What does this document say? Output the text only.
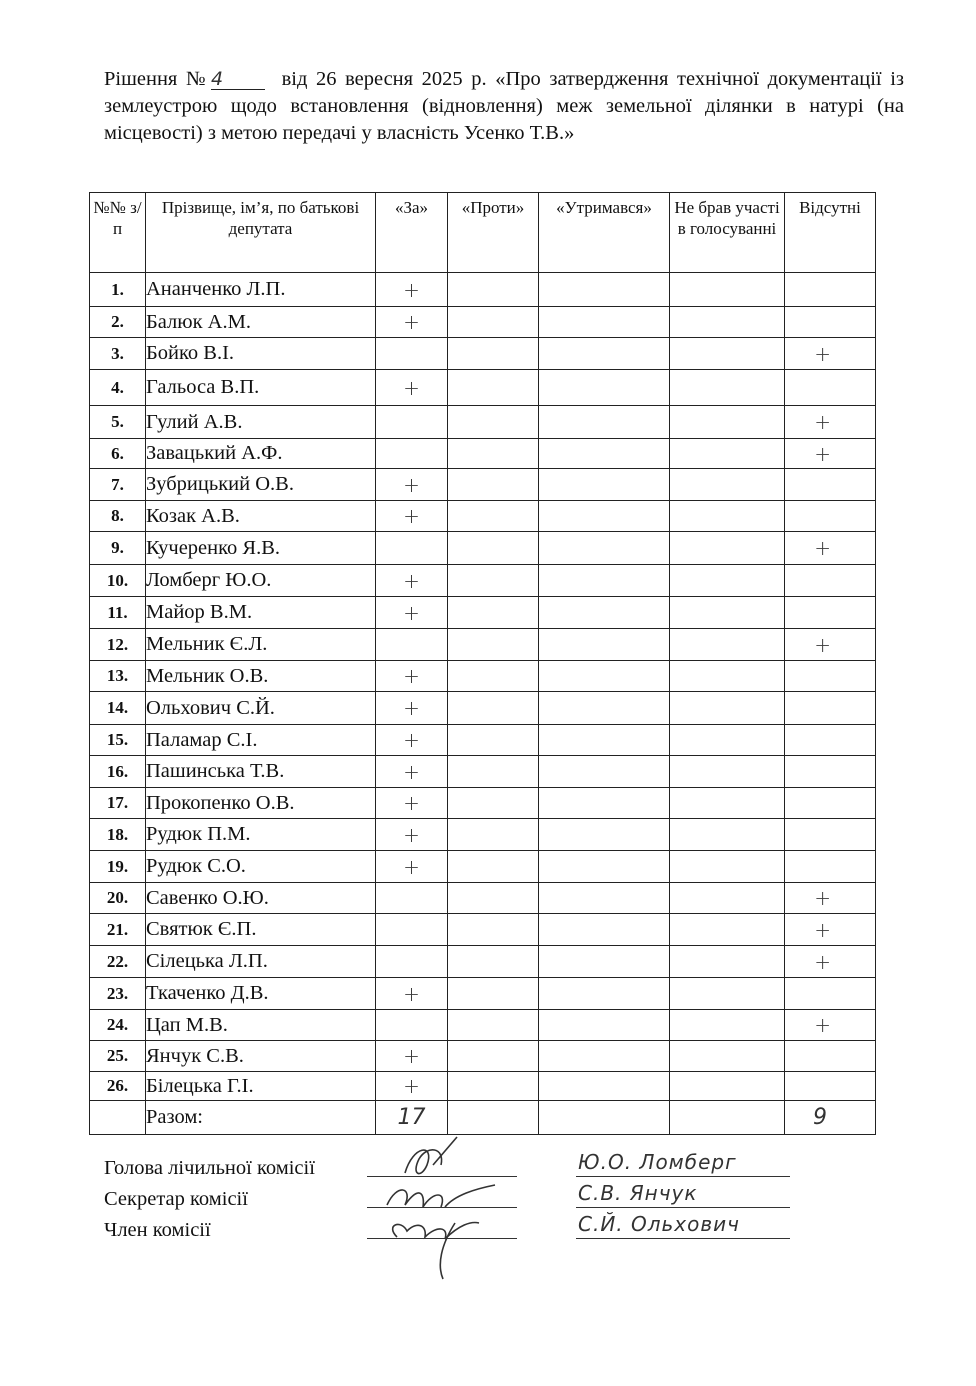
Рішення № 4	від 26 вересня 2025 р. «Про затвердження технічної документації із землеустрою щодо встановлення (відновлення) меж земельної ділянки в натурі (на місцевості) з метою передачі у власність Усенко Т.В.»
№№ з/п	Прізвище, ім’я, по батькові депутата	«За»	«Проти»	«Утримався»	Не брав участі в голосуванні	Відсутні
1.	Ананченко Л.П.	+				
2.	Балюк А.М.	+				
3.	Бойко В.І.					+
4.	Гальоса В.П.	+				
5.	Гулий А.В.					+
6.	Завацький А.Ф.					+
7.	Зубрицький О.В.	+				
8.	Козак А.В.	+				
9.	Кучеренко Я.В.					+
10.	Ломберг Ю.О.	+				
11.	Майор В.М.	+				
12.	Мельник Є.Л.					+
13.	Мельник О.В.	+				
14.	Ольхович С.Й.	+				
15.	Паламар С.І.	+				
16.	Пашинська Т.В.	+				
17.	Прокопенко О.В.	+				
18.	Рудюк П.М.	+				
19.	Рудюк С.О.	+				
20.	Савенко О.Ю.					+
21.	Святюк Є.П.					+
22.	Сілецька Л.П.					+
23.	Ткаченко Д.В.	+				
24.	Цап М.В.					+
25.	Янчук С.В.	+				
26.	Білецька Г.І.	+				
	Разом:	17				9
Голова лічильної комісії
Секретар комісії
Член комісії
Ю.О. Ломберг
С.В. Янчук
С.Й. Ольхович
